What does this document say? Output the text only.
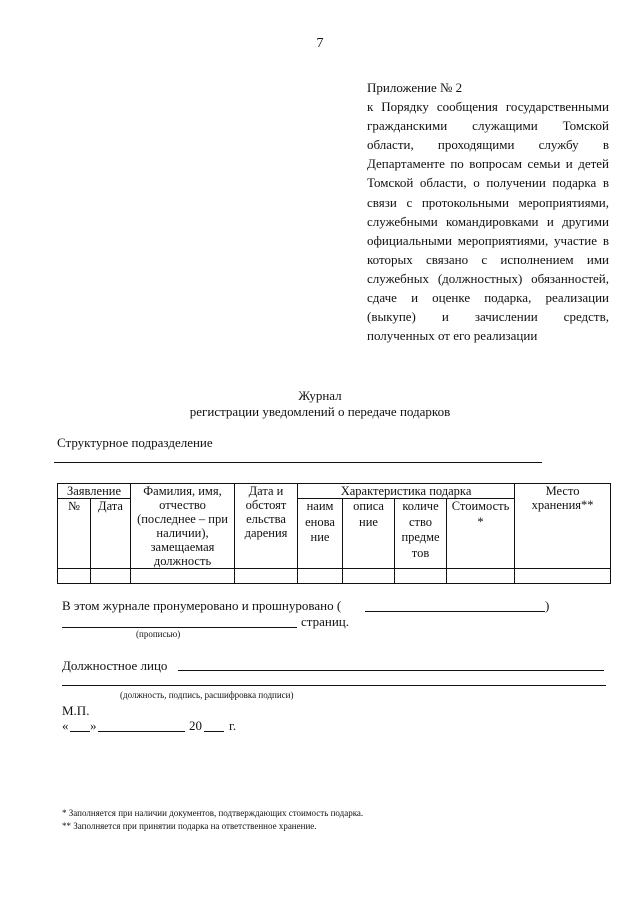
7
Приложение № 2
к Порядку сообщения государственными гражданскими служащими Томской области, проходящими службу в Департаменте по вопросам семьи и детей Томской области, о получении подарка в связи с протокольными мероприятиями, служебными командировками и другими официальными мероприятиями, участие в которых связано с исполнением ими служебных (должностных) обязанностей, сдаче и оценке подарка, реализации (выкупе) и зачислении средств, полученных от его реализации
Журнал
регистрации уведомлений о передаче подарков
Структурное подразделение
Заявление		Фамилия, имя, отчество (последнее – при наличии), замещаемая должность	Дата и обстоят ельства дарения	Характеристика подарка				Место хранения**
№	Дата			наим енова ние	описа ние	количе ство предме тов	Стоимость *	

В этом журнале пронумеровано и прошнуровано (	)
страниц.
(прописью)
Должностное лицо
(должность, подпись, расшифровка подписи)
М.П.
« »	20 г.
* Заполняется при наличии документов, подтверждающих стоимость подарка.
** Заполняется при принятии подарка на ответственное хранение.
